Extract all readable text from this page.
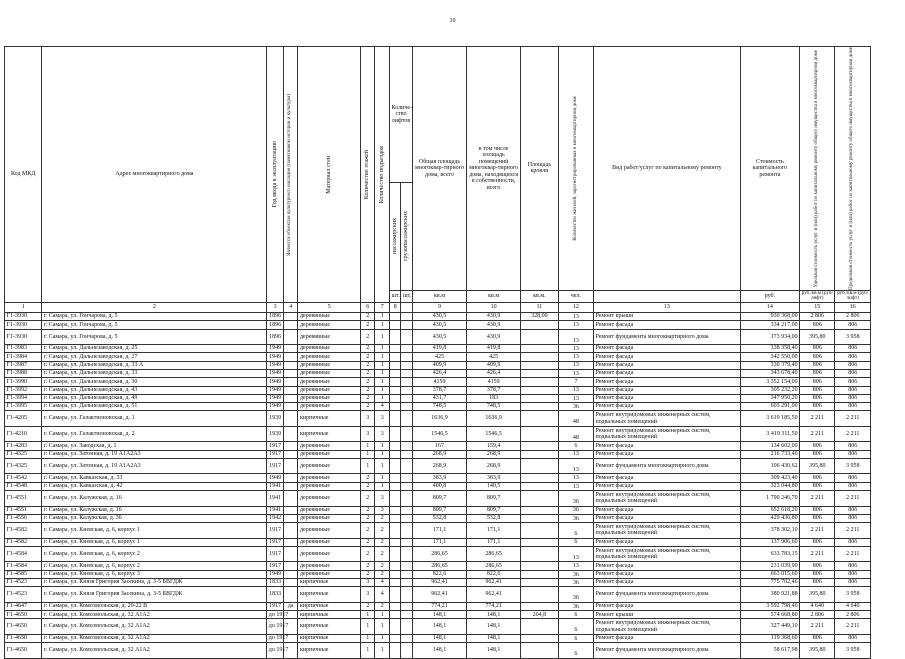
10
Код МКД	Адрес многоквартирного дома	Год ввода в эксплуатацию	Является объектом культурного наследия (памятником истории и культуры)	Материал стен	Количество этажей	Количество подъездов	Количе-ство лифтов		Общая площадь многоквар-тирного дома, всего	в том числе площадь помещений многоквар-тирного дома, находящихся в собственности, всего	Площадь кровли	Количество жителей, зарегистрированных в многоквартирном доме	Вид работ/услуг по капитальному ремонту	Стоимость капитального ремонта	Удельная стоимость услуг и (или) работ по капитальному ремонту общего имущества в многоквартирном доме	Предельная стоимость услуг и (или) работ по капитальному ремонту общего имущества в многоквартирном доме

							пассажирских	грузопассажирских								

							шт.	шт.	кв.м	кв.м	кв.м.	чел.		руб.	руб./кв.м (руб/лифт)	руб./кв.м (руб/лифт)
1	2	3	4	5	6	7	8		9	10	11	12	13	14	15	16
Г1-3930	г. Самара, ул. Гончарова, д. 5	1896		деревянные	2	1			430,5	430,9	328,00	13	Ремонт крыши	930 368,00	2 806	2 806
Г1-3930	г. Самара, ул. Гончарова, д. 5	1896		деревянные	2	1			430,5	430,9		13	Ремонт фасада	334 217,00	806	806
Г1-3930	г. Самара, ул. Гончарова, д. 5	1896		деревянные	2	1			430,5	430,9		13	Ремонт фундамента многоквартирного дома	173 934,00	395,80	3 958
Г1-3983	г. Самара, ул. Дальнезаводская, д. 25	1949		деревянные	2	1			419,8	419,8		13	Ремонт фасада	338 358,40	806	806
Г1-3984	г. Самара, ул. Дальнезаводская, д. 27	1949		деревянные	2	1			425	425		13	Ремонт фасада	342 550,00	806	806
Г1-3987	г. Самара, ул. Дальнезаводская, д. 33 А	1949		деревянные	2	1			409,9	409,9		13	Ремонт фасада	330 379,40	806	806
Г1-3988	г. Самара, ул. Дальнезаводская, д. 33	1949		деревянные	2	1			426,4	426,4		13	Ремонт фасада	343 678,40	806	806
Г1-3990	г. Самара, ул. Дальнезаводская, д. 30	1949		деревянные	2	1			4159	4159		7	Ремонт фасада	3 352 154,00	806	806
Г1-3992	г. Самара, ул. Дальнезаводская, д. 43	1949		деревянные	2	1			378,7	378,7		13	Ремонт фасада	305 232,20	806	806
Г1-3994	г. Самара, ул. Дальнезаводская, д. 49	1949		деревянные	2	1			431,7	183		13	Ремонт фасада	347 950,20	806	806
Г1-3995	г. Самара, ул. Дальнезаводская, д. 51	1949		деревянные	2	4			748,5	748,5		36	Ремонт фасада	603 291,00	806	806
Г1-4205	г. Самара, ул. Галактионовская, д. 1	1939		кирпичные	3	3			1636,9	1636,9		48	Ремонт внутридомовых инженерных систем, подвальных помещений	3 619 185,50	2 211	2 211
Г1-4210	г. Самара, ул. Галактионовская, д. 2	1939		кирпичные	3	3			1546,5	1546,5		48	Ремонт внутридомовых инженерных систем, подвальных помещений	3 419 311,50	2 211	2 211
Г1-4283	г. Самара, ул. Заводская, д. 1	1917		деревянные	1	1			167	159,4		6	Ремонт фасада	134 602,00	806	806
Г1-4325	г. Самара, ул. Затонная, д. 19 А1А2А3	1917		деревянные	1	1			268,9	268,9		13	Ремонт фасада	216 733,40	806	806
Г1-4325	г. Самара, ул. Затонная, д. 19 А1А2А3	1917		деревянные	1	1			268,9	268,9		13	Ремонт фундамента многоквартирного дома	106 430,62	395,80	3 958
Г1-4542	г. Самара, ул. Кавказская, д. 33	1949		деревянные	2	1			383,9	383,9		13	Ремонт фасада	309 423,40	806	806
Г1-4548	г. Самара, ул. Кавказская, д. 42	1941		деревянные	2	1			400,8	140,5		13	Ремонт фасада	323 044,80	806	806
Г1-4551	г. Самара, ул. Калужская, д. 16	1941		деревянные	2	3			809,7	809,7		36	Ремонт внутридомовых инженерных систем, подвальных помещений	1 790 246,70	2 211	2 211
Г1-4551	г. Самара, ул. Калужская, д. 16	1941		деревянные	2	3			809,7	809,7		36	Ремонт фасада	652 618,20	806	806
Г1-4556	г. Самара, ул. Калужская, д. 36	1942		деревянные	2	2			532,8	532,8		36	Ремонт фасада	429 436,80	806	806
Г1-4582	г. Самара, ул. Киевская, д. 6, корпус 1	1917		деревянные	2	2			171,1	171,1		6	Ремонт внутридомовых инженерных систем, подвальных помещений	378 302,10	2 211	2 211
Г1-4582	г. Самара, ул. Киевская, д. 6, корпус 1	1917		деревянные	2	2			171,1	171,1		6	Ремонт фасада	137 906,60	806	806
Г1-4584	г. Самара, ул. Киевская, д. 6, корпус 2	1917		деревянные	2	2			286,65	286,65		13	Ремонт внутридомовых инженерных систем, подвальных помещений	633 783,15	2 211	2 211
Г1-4584	г. Самара, ул. Киевская, д. 6, корпус 2	1917		деревянные	2	2			286,65	286,65		13	Ремонт фасада	231 039,90	806	806
Г1-4585	г. Самара, ул. Киевская, д. 6, корпус 3	1949		деревянные	2	2			822,6	822,6		36	Ремонт фасада	663 015,60	806	806
Г1-4523	г. Самара, ул. Князя Григория Засекина, д. 3-5 БВГДЖ	1833		кирпичные	3	4			962,41	962,41		36	Ремонт фасада	775 702,46	806	806
Г1-4523	г. Самара, ул. Князя Григория Засекина, д. 3-5 БВГДЖ	1833		кирпичные	3	4			962,41	962,41		36	Ремонт фундамента многоквартирного дома	380 921,88	395,80	3 958
Г1-4647	г. Самара, ул. Комсомольская, д. 20-22 В	1917	да	кирпичные	2	2			774,21	774,21		36	Ремонт фасада	3 592 798,40	4 640	4 640
Г1-4650	г. Самара, ул. Комсомольская, д. 32 А1А2	до 1917		кирпичные	1	1			148,1	148,1	204,8	6	Ремонт крыши	574 668,80	2 806	2 806
Г1-4650	г. Самара, ул. Комсомольская, д. 32 А1А2	до 1917		кирпичные	1	1			148,1	148,1		6	Ремонт внутридомовых инженерных систем, подвальных помещений	327 449,10	2 211	2 211
Г1-4650	г. Самара, ул. Комсомольская, д. 32 А1А2	до 1917		кирпичные	1	1			148,1	148,1		6	Ремонт фасада	119 368,60	806	806
Г1-4650	г. Самара, ул. Комсомольская, д. 32 А1А2	до 1917		кирпичные	1	1			148,1	148,1		6	Ремонт фундамента многоквартирного дома	58 617,98	395,80	3 958
